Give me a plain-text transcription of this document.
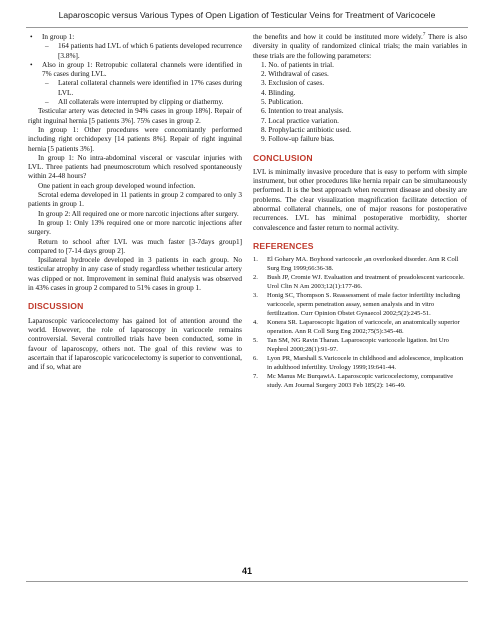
Laparoscopic versus Various Types of Open Ligation of Testicular Veins for Treatment of Varicocele
• In group 1:
– 164 patients had LVL of which 6 patients developed recurrence [3.8%].
• Also in group 1: Retropubic collateral channels were identified in 7% cases during LVL.
– Lateral collateral channels were identified in 17% cases during LVL.
– All collaterals were interrupted by clipping or diathermy.

Testicular artery was detected in 94% cases in group 18%]. Repair of right inguinal hernia [5 patients 3%]. 75% cases in group 2.

In group 1: Other procedures were concomitantly performed including right orchidopexy [14 patients 8%]. Repair of right inguinal hernia [5 patients 3%].

In group 1: No intra-abdominal visceral or vascular injuries with LVL. Three patients had pneumoscrotum which resolved spontaneously within 24-48 hours?

One patient in each group developed wound infection.

Scrotal edema developed in 11 patients in group 2 compared to only 3 patients in group 1.

In group 2: All required one or more narcotic injections after surgery.

In group 1: Only 13% required one or more narcotic injections after surgery.

Return to school after LVL was much faster [3-7days group1] compared to [7-14 days group 2].

Ipsilateral hydrocele developed in 3 patients in each group. No testicular atrophy in any case of study regardless whether testicular artery was clipped or not. Improvement in seminal fluid analysis was observed in 43% cases in group 2 compared to 51% cases in group 1.

DISCUSSION

Laparoscopic varicocelectomy has gained lot of attention around the world. However, the role of laparoscopy in varicocele remains controversial. Several controlled trials have been conducted, some in favour of laparoscopy, others not. The goal of this review was to ascertain that if laparoscopic varicocelectomy is superior to conventional, and if so, what are

the benefits and how it could be instituted more widely.$^7$ There is also diversity in quality of randomized clinical trials; the main variables in these trials are the following parameters:

1. No. of patients in trial.
2. Withdrawal of cases.
3. Exclusion of cases.
4. Blinding.
5. Publication.
6. Intention to treat analysis.
7. Local practice variation.
8. Prophylactic antibiotic used.
9. Follow-up failure bias.
CONCLUSION

LVL is minimally invasive procedure that is easy to perform with simple instrument, but other procedures like hernia repair can be simultaneously performed. It is the best approach when recurrent disease and obesity are problems. The clear visualization magnification facilitate detection of abnormal collateral channels, one of major reasons for postoperative recurrences. LVL has minimal postoperative morbidity, shorter convalescence and faster return to normal activity.

REFERENCES
1. El Gohary MA. Boyhood varicocele ,an overlooked disorder. Ann R Coll Surg Eng 1999;66:36-38.
2. Bush JP, Cromie WJ. Evaluation and treatment of preadolescent varicocele. Urol Clin N Am 2003;12(1):177-86.
3. Honig SC, Thompson S. Reassessment of male factor infertility including varicocele, sperm penetration assay, semen analysis and in vitro fertilization. Curr Opinion Obstet Gynaecol 2002;5(2):245-51.
4. Konera SR. Laparoscopic ligation of varicocele, an anatomically superior operation. Ann R Coll Surg Eng 2002;75(5):345-48.
5. Tan SM, NG Ravin Tharan. Laparoscopic varicocele ligation. Int Uro Nephrol 2000;28(1):91-97.
6. Lyon PR, Marshall S.Varicocele in childhood and adolescence, implication in adulthood infertility. Urology 1999;19:641-44.
7. Mc Manus Mc BurqawiA. Laparoscopic varicocelectomy, comparative study. Am Journal Surgery 2003 Feb 185(2): 146-49.
41
